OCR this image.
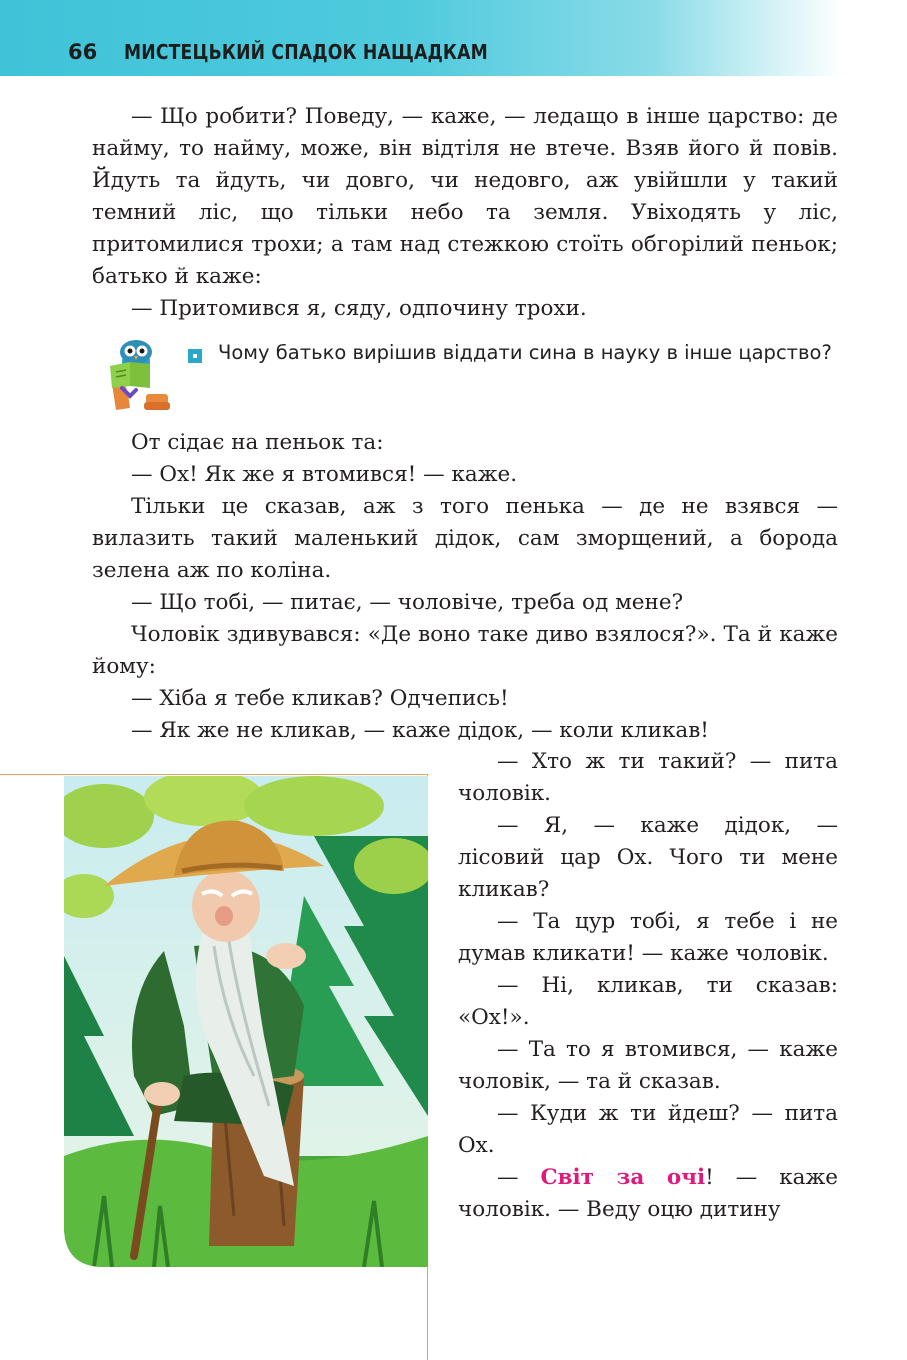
66 МИСТЕЦЬКИЙ СПАДОК НАЩАДКАМ

— Що робити? Поведу, — каже, — ледащо в інше царство: де найму, то найму, може, він відтіля не втече. Взяв його й повів. Йдуть та йдуть, чи довго, чи недовго, аж увійшли у такий темний ліс, що тільки небо та земля. Увіходять у ліс, притомилися трохи; а там над стежкою стоїть обгорілий пеньок; батько й каже:

— Притомився я, сяду, одпочину трохи.

Чому батько вирішив віддати сина в науку в інше царство?

От сідає на пеньок та:

— Ох! Як же я втомився! — каже.

Тільки це сказав, аж з того пенька — де не взявся — вилазить такий маленький дідок, сам зморщений, а борода зелена аж по коліна.

— Що тобі, — питає, — чоловіче, треба од мене?

Чоловік здивувався: «Де воно таке диво взялося?». Та й каже йому:

— Хіба я тебе кликав? Одчепись!

— Як же не кликав, — каже дідок, — коли кликав!

— Хто ж ти такий? — пита чоловік.

— Я, — каже дідок, — лісовий цар Ох. Чого ти мене кликав?

— Та цур тобі, я тебе і не думав кликати! — каже чоловік.

— Ні, кликав, ти сказав: «Ох!».

— Та то я втомився, — каже чоловік, — та й сказав.

— Куди ж ти йдеш? — пита Ох.

— Світ за очі! — каже чоловік. — Веду оцю дитину
